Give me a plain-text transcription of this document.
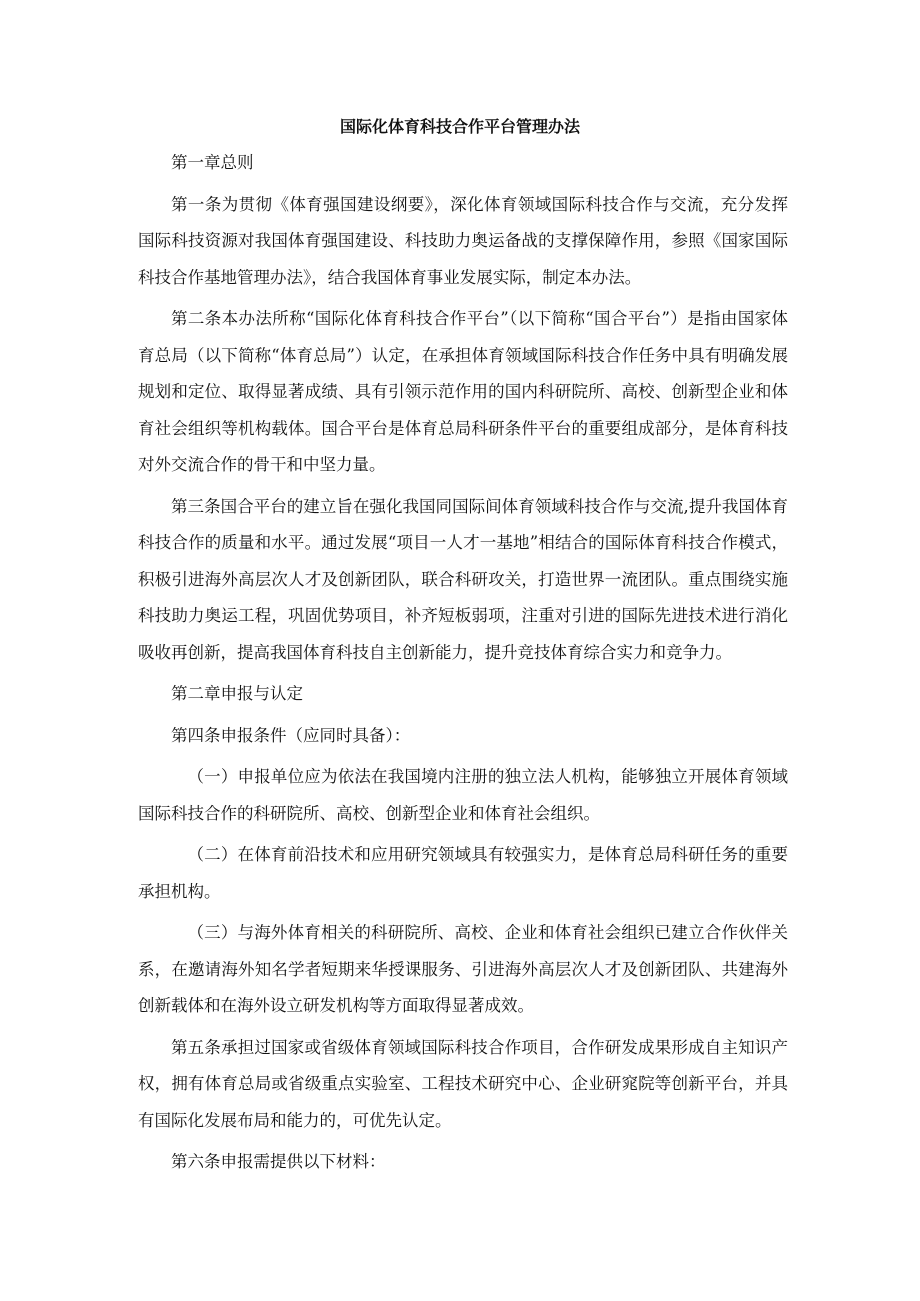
国际化体育科技合作平台管理办法

第一章总则

第一条为贯彻《体育强国建设纲要》，深化体育领域国际科技合作与交流，充分发挥国际科技资源对我国体育强国建设、科技助力奥运备战的支撑保障作用，参照《国家国际科技合作基地管理办法》，结合我国体育事业发展实际，制定本办法。

第二条本办法所称“国际化体育科技合作平台”（以下简称“国合平台”）是指由国家体育总局（以下简称“体育总局”）认定，在承担体育领域国际科技合作任务中具有明确发展规划和定位、取得显著成绩、具有引领示范作用的国内科研院所、高校、创新型企业和体育社会组织等机构载体。国合平台是体育总局科研条件平台的重要组成部分，是体育科技对外交流合作的骨干和中坚力量。

第三条国合平台的建立旨在强化我国同国际间体育领域科技合作与交流,提升我国体育科技合作的质量和水平。通过发展“项目一人才一基地”相结合的国际体育科技合作模式，积极引进海外高层次人才及创新团队，联合科研攻关，打造世界一流团队。重点围绕实施科技助力奥运工程，巩固优势项目，补齐短板弱项，注重对引进的国际先进技术进行消化吸收再创新，提高我国体育科技自主创新能力，提升竞技体育综合实力和竞争力。

第二章申报与认定

第四条申报条件（应同时具备）：

（一）申报单位应为依法在我国境内注册的独立法人机构，能够独立开展体育领域国际科技合作的科研院所、高校、创新型企业和体育社会组织。

（二）在体育前沿技术和应用研究领域具有较强实力，是体育总局科研任务的重要承担机构。

（三）与海外体育相关的科研院所、高校、企业和体育社会组织已建立合作伙伴关系，在邀请海外知名学者短期来华授课服务、引进海外高层次人才及创新团队、共建海外创新载体和在海外设立研发机构等方面取得显著成效。

第五条承担过国家或省级体育领域国际科技合作项目，合作研发成果形成自主知识产权，拥有体育总局或省级重点实验室、工程技术研究中心、企业研窕院等创新平台，并具有国际化发展布局和能力的，可优先认定。

第六条申报需提供以下材料：
